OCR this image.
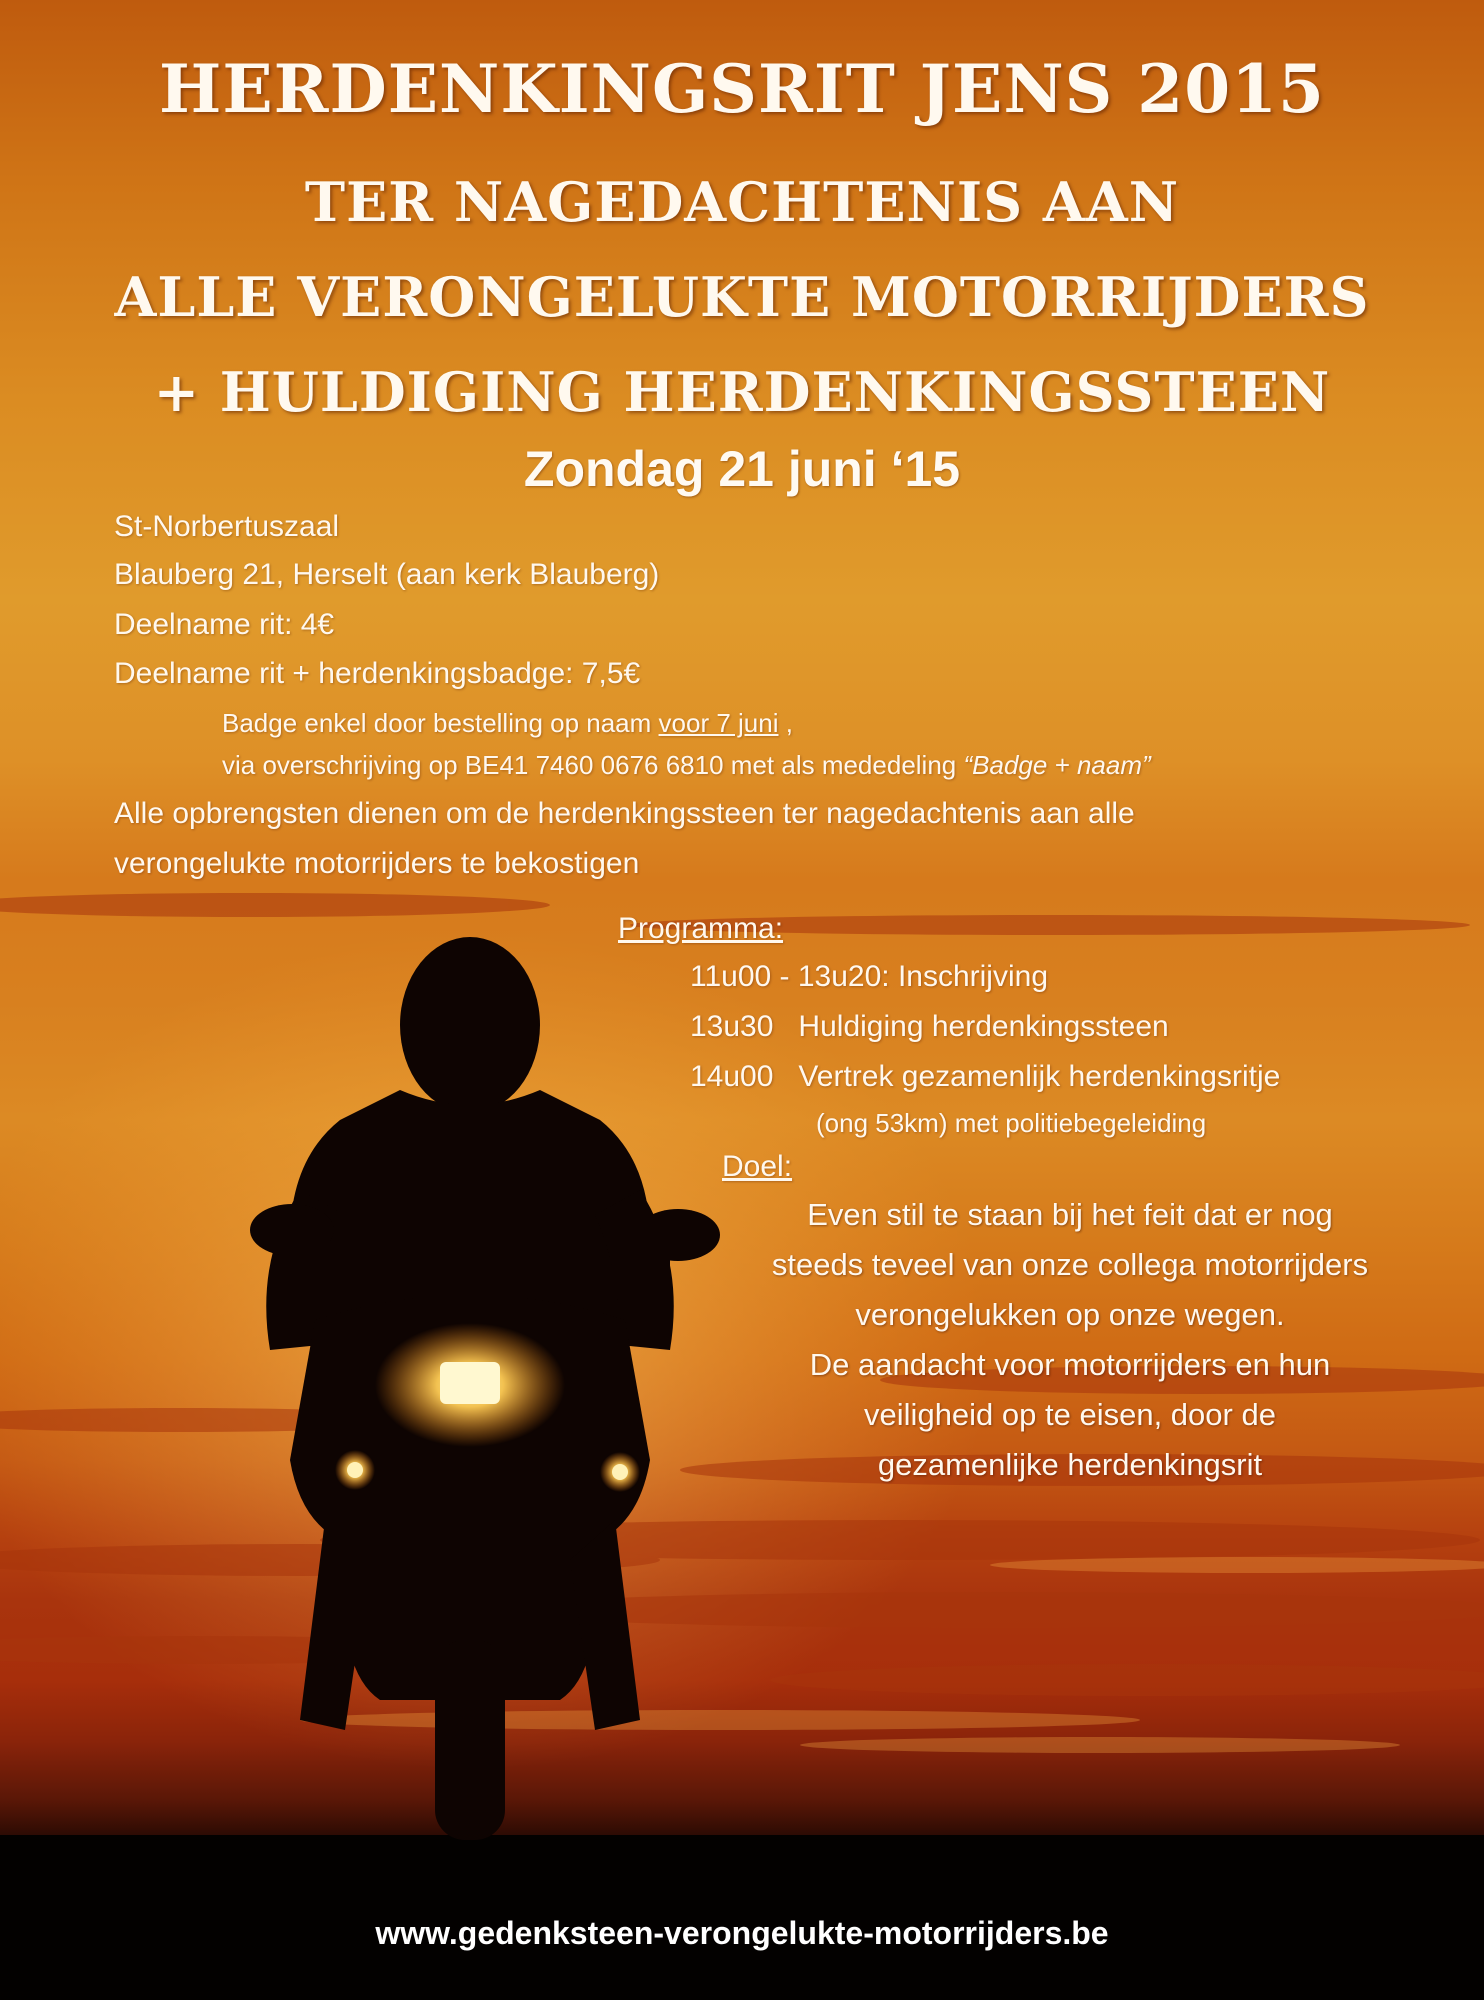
HERDENKINGSRIT JENS 2015
TER NAGEDACHTENIS AAN
ALLE VERONGELUKTE MOTORRIJDERS
+ HULDIGING HERDENKINGSSTEEN
Zondag 21 juni ‘15
St-Norbertuszaal
Blauberg 21, Herselt (aan kerk Blauberg)
Deelname rit: 4€
Deelname rit + herdenkingsbadge: 7,5€
Badge enkel door bestelling op naam voor 7 juni ,
via overschrijving op BE41 7460 0676 6810 met als mededeling “Badge + naam”
Alle opbrengsten dienen om de herdenkingssteen ter nagedachtenis aan alle
verongelukte motorrijders te bekostigen
Programma:
11u00 - 13u20: Inschrijving
13u30   Huldiging herdenkingssteen
14u00   Vertrek gezamenlijk herdenkingsritje
(ong 53km) met politiebegeleiding
Doel:
Even stil te staan bij het feit dat er nog
steeds teveel van onze collega motorrijders
verongelukken op onze wegen.
De aandacht voor motorrijders en hun
veiligheid op te eisen, door de
gezamenlijke herdenkingsrit
www.gedenksteen-verongelukte-motorrijders.be
